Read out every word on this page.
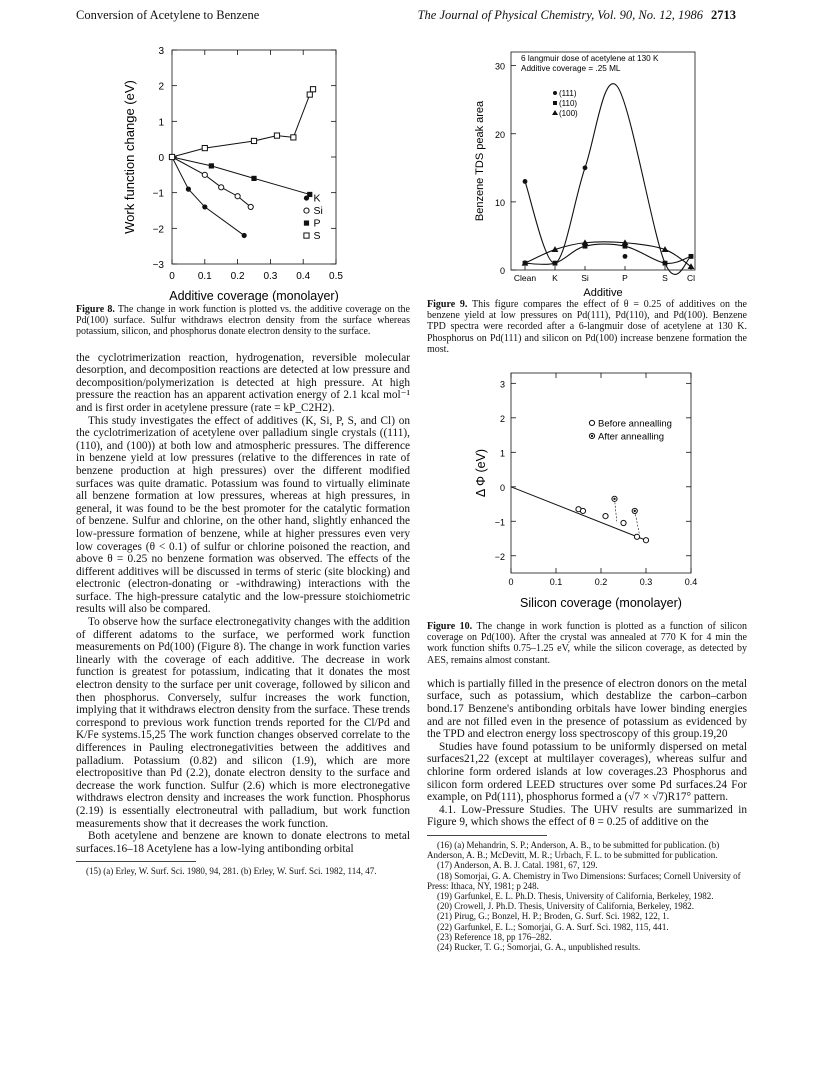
Conversion of Acetylene to Benzene	The Journal of Physical Chemistry, Vol. 90, No. 12, 1986 2713
3
2
1
0
−1
−2
−3
0 0.1 0.2 0.3 0.4 0.5
Additive coverage (monolayer)
Work function change (eV)	K
Si
P
S
Figure 8. The change in work function is plotted vs. the additive coverage on the Pd(100) surface. Sulfur withdraws electron density from the surface whereas potassium, silicon, and phosphorus donate electron density to the surface.

the cyclotrimerization reaction, hydrogenation, reversible molecular desorption, and decomposition reactions are detected at low pressure and decomposition/polymerization is detected at high pressure. At high pressure the reaction has an apparent activation energy of 2.1 kcal mol⁻¹ and is first order in acetylene pressure (rate = kP_C2H2).

This study investigates the effect of additives (K, Si, P, S, and Cl) on the cyclotrimerization of acetylene over palladium single crystals ((111), (110), and (100)) at both low and atmospheric pressures. The difference in benzene yield at low pressures (relative to the differences in rate of benzene production at high pressures) over the different modified surfaces was quite dramatic. Potassium was found to virtually eliminate all benzene formation at low pressures, whereas at high pressures, in general, it was found to be the best promoter for the catalytic formation of benzene. Sulfur and chlorine, on the other hand, slightly enhanced the low-pressure formation of benzene, while at higher pressures even very low coverages (θ < 0.1) of sulfur or chlorine poisoned the reaction, and above θ = 0.25 no benzene formation was observed. The effects of the different additives will be discussed in terms of steric (site blocking) and electronic (electron-donating or -withdrawing) interactions with the surface. The high-pressure catalytic and the low-pressure stoichiometric results will also be compared.

To observe how the surface electronegativity changes with the addition of different adatoms to the surface, we performed work function measurements on Pd(100) (Figure 8). The change in work function varies linearly with the coverage of each additive. The decrease in work function is greatest for potassium, indicating that it donates the most electron density to the surface per unit coverage, followed by silicon and then phosphorus. Conversely, sulfur increases the work function, implying that it withdraws electron density from the surface. These trends correspond to previous work function trends reported for the Cl/Pd and K/Fe systems.15,25 The work function changes observed correlate to the differences in Pauling electronegativities between the additives and palladium. Potassium (0.82) and silicon (1.9), which are more electropositive than Pd (2.2), donate electron density to the surface and decrease the work function. Sulfur (2.6) which is more electronegative withdraws electron density and increases the work function. Phosphorus (2.19) is essentially electroneutral with palladium, but work function measurements show that it decreases the work function.

Both acetylene and benzene are known to donate electrons to metal surfaces.16–18 Acetylene has a low-lying antibonding orbital

(15) (a) Erley, W. Surf. Sci. 1980, 94, 281. (b) Erley, W. Surf. Sci. 1982, 114, 47.
30
20
10
0
Clean K	Si	P	S Cl
Additive
Benzene TDS peak area
6 langmuir dose of acetylene at 130 K
Additive coverage = .25 ML
(111)
(110)
(100)
Figure 9. This figure compares the effect of θ = 0.25 of additives on the benzene yield at low pressures on Pd(111), Pd(110), and Pd(100). Benzene TPD spectra were recorded after a 6-langmuir dose of acetylene at 130 K. Phosphorus on Pd(111) and silicon on Pd(100) increase benzene formation the most.
3
2
1
0
−1
−2
0	0.1	0.2	0.3	0.4
Silicon coverage (monolayer)
Δ Φ (eV)
Before annealling
After annealling
Figure 10. The change in work function is plotted as a function of silicon coverage on Pd(100). After the crystal was annealed at 770 K for 4 min the work function shifts 0.75–1.25 eV, while the silicon coverage, as detected by AES, remains almost constant.

which is partially filled in the presence of electron donors on the metal surface, such as potassium, which destablize the carbon–carbon bond.17 Benzene's antibonding orbitals have lower binding energies and are not filled even in the presence of potassium as evidenced by the TPD and electron energy loss spectroscopy of this group.19,20

Studies have found potassium to be uniformly dispersed on metal surfaces21,22 (except at multilayer coverages), whereas sulfur and chlorine form ordered islands at low coverages.23 Phosphorus and silicon form ordered LEED structures over some Pd surfaces.24 For example, on Pd(111), phosphorus formed a (√7 × √7)R17° pattern.

4.1. Low-Pressure Studies. The UHV results are summarized in Figure 9, which shows the effect of θ = 0.25 of additive on the

(16) (a) Mehandrin, S. P.; Anderson, A. B., to be submitted for publication. (b) Anderson, A. B.; McDevitt, M. R.; Urbach, F. L. to be submitted for publication.
(17) Anderson, A. B. J. Catal. 1981, 67, 129.
(18) Somorjai, G. A. Chemistry in Two Dimensions: Surfaces; Cornell University of Press: Ithaca, NY, 1981; p 248.
(19) Garfunkel, E. L. Ph.D. Thesis, University of California, Berkeley, 1982.
(20) Crowell, J. Ph.D. Thesis, University of California, Berkeley, 1982.
(21) Pirug, G.; Bonzel, H. P.; Broden, G. Surf. Sci. 1982, 122, 1.
(22) Garfunkel, E. L.; Somorjai, G. A. Surf. Sci. 1982, 115, 441.
(23) Reference 18, pp 176–282.
(24) Rucker, T. G.; Somorjai, G. A., unpublished results.
